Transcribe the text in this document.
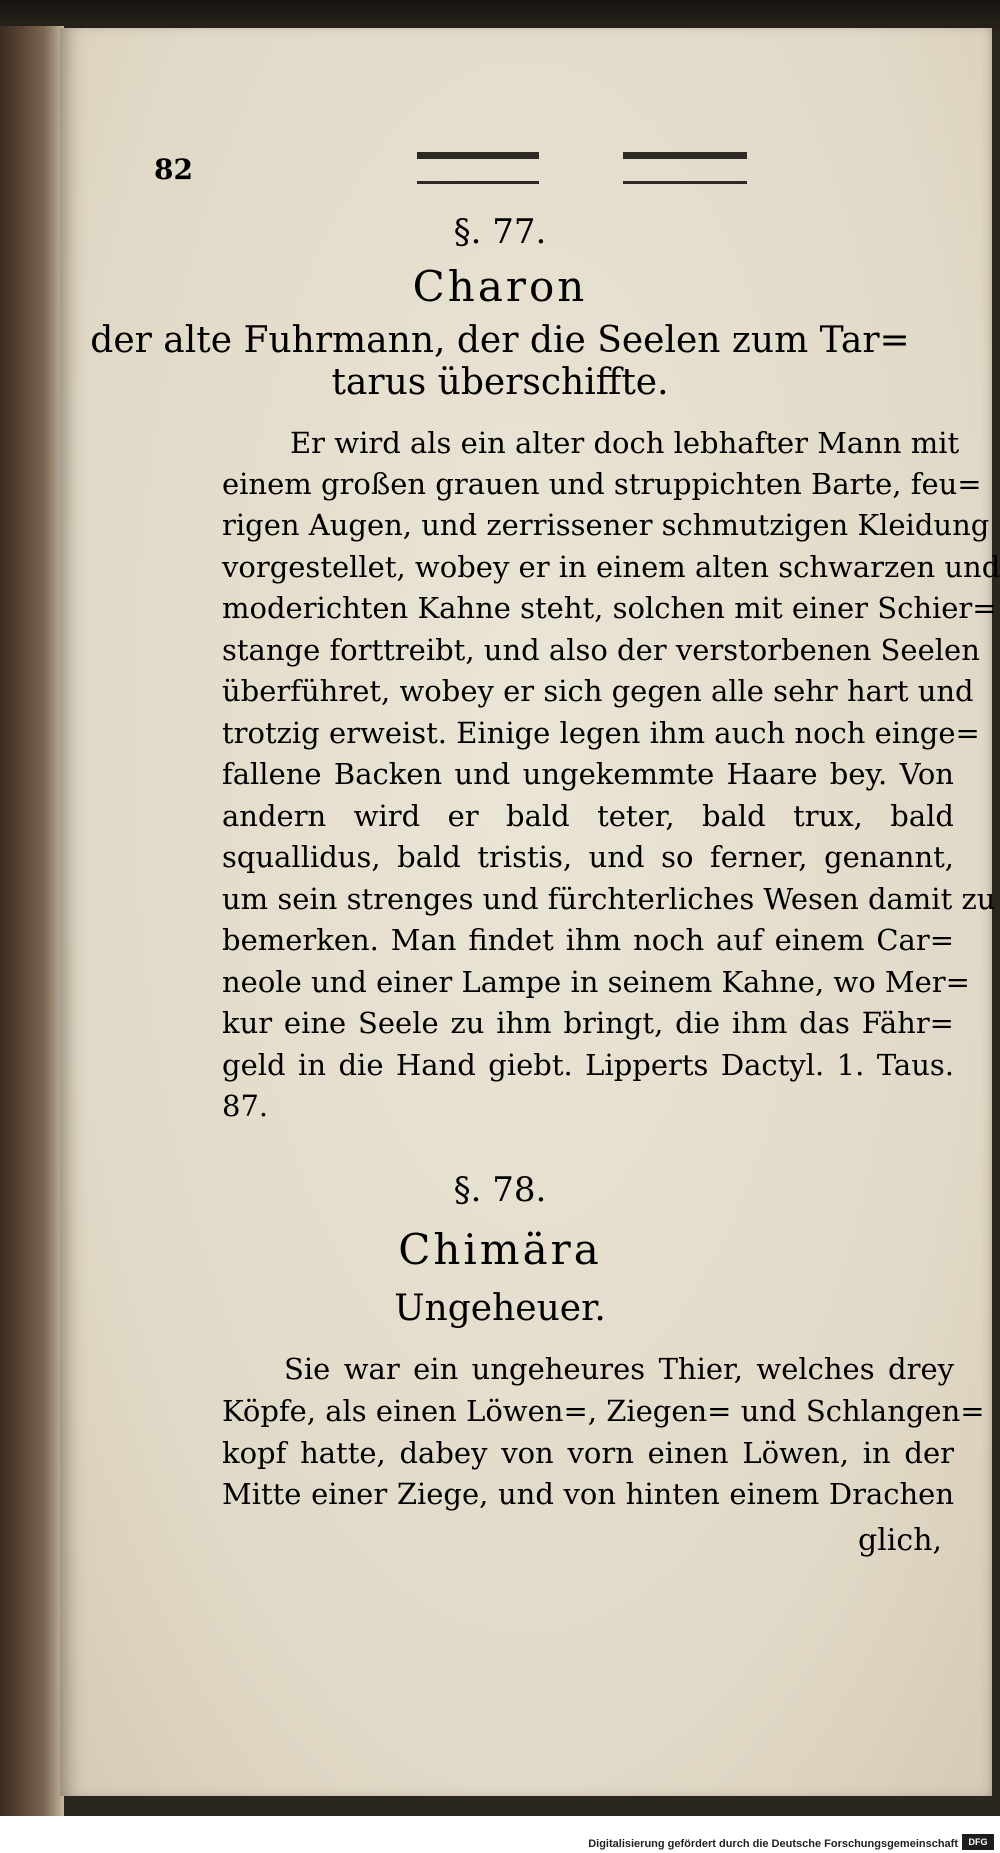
82
§. 77.
Charon
der alte Fuhrmann, der die Seelen zum Tar=
tarus überschiffte.
Er wird als ein alter doch lebhafter Mann mit
einem großen grauen und struppichten Barte, feu=
rigen Augen, und zerrissener schmutzigen Kleidung
vorgestellet, wobey er in einem alten schwarzen und
moderichten Kahne steht, solchen mit einer Schier=
stange forttreibt, und also der verstorbenen Seelen
überführet, wobey er sich gegen alle sehr hart und
trotzig erweist. Einige legen ihm auch noch einge=
fallene Backen und ungekemmte Haare bey. Von
andern wird er bald teter, bald trux, bald
squallidus, bald tristis, und so ferner, genannt,
um sein strenges und fürchterliches Wesen damit zu
bemerken. Man findet ihm noch auf einem Car=
neole und einer Lampe in seinem Kahne, wo Mer=
kur eine Seele zu ihm bringt, die ihm das Fähr=
geld in die Hand giebt. Lipperts Dactyl. 1. Taus.
87.
§. 78.
Chimära
Ungeheuer.
Sie war ein ungeheures Thier, welches drey
Köpfe, als einen Löwen=, Ziegen= und Schlangen=
kopf hatte, dabey von vorn einen Löwen, in der
Mitte einer Ziege, und von hinten einem Drachen
glich,
Digitalisierung gefördert durch die Deutsche Forschungsgemeinschaft	DFG
